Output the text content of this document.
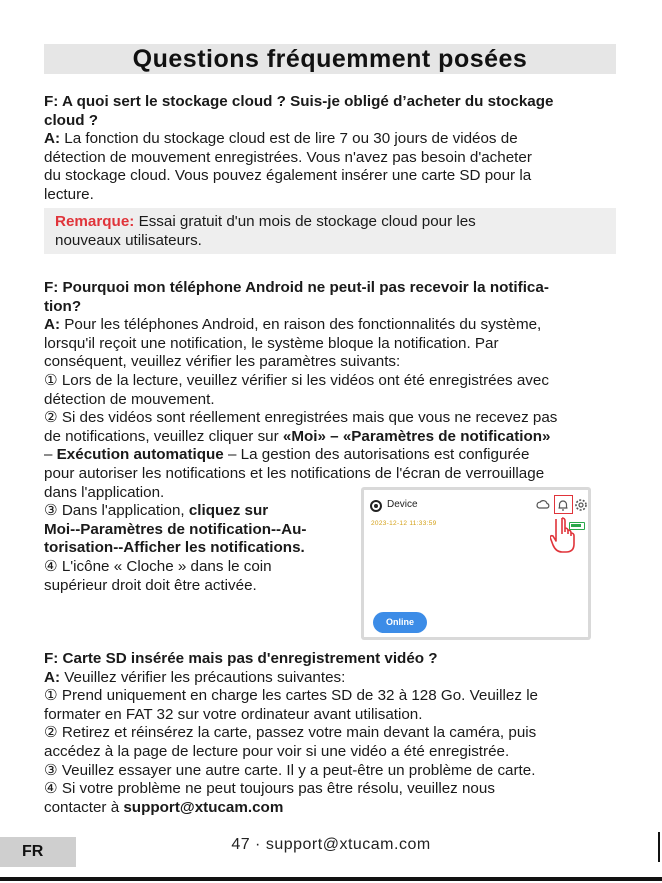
Questions fréquemment posées

F: A quoi sert le stockage cloud ? Suis-je obligé d’acheter du stockage
cloud ?

A: La fonction du stockage cloud est de lire 7 ou 30 jours de vidéos de
détection de mouvement enregistrées. Vous n'avez pas besoin d'acheter
du stockage cloud. Vous pouvez également insérer une carte SD pour la
lecture.

Remarque: Essai gratuit d'un mois de stockage cloud pour les
nouveaux utilisateurs.

F: Pourquoi mon téléphone Android ne peut-il pas recevoir la notifica-
tion?

A: Pour les téléphones Android, en raison des fonctionnalités du système,
lorsqu'il reçoit une notification, le système bloque la notification. Par
conséquent, veuillez vérifier les paramètres suivants:

① Lors de la lecture, veuillez vérifier si les vidéos ont été enregistrées avec
détection de mouvement.

② Si des vidéos sont réellement enregistrées mais que vous ne recevez pas
de notifications, veuillez cliquer sur «Moi» – «Paramètres de notification»
– Exécution automatique – La gestion des autorisations est configurée
pour autoriser les notifications et les notifications de l'écran de verrouillage
dans l'application.

③ Dans l'application, cliquez sur
Moi--Paramètres de notification--Au-
torisation--Afficher les notifications.

④ L'icône « Cloche » dans le coin
supérieur droit doit être activée.

Device
2023-12-12 11:33:59
Online

F: Carte SD insérée mais pas d'enregistrement vidéo ?

A: Veuillez vérifier les précautions suivantes:

① Prend uniquement en charge les cartes SD de 32 à 128 Go. Veuillez le
formater en FAT 32 sur votre ordinateur avant utilisation.

② Retirez et réinsérez la carte, passez votre main devant la caméra, puis
accédez à la page de lecture pour voir si une vidéo a été enregistrée.

③ Veuillez essayer une autre carte. Il y a peut-être un problème de carte.

④ Si votre problème ne peut toujours pas être résolu, veuillez nous
contacter à support@xtucam.com

47 · support@xtucam.com
FR
